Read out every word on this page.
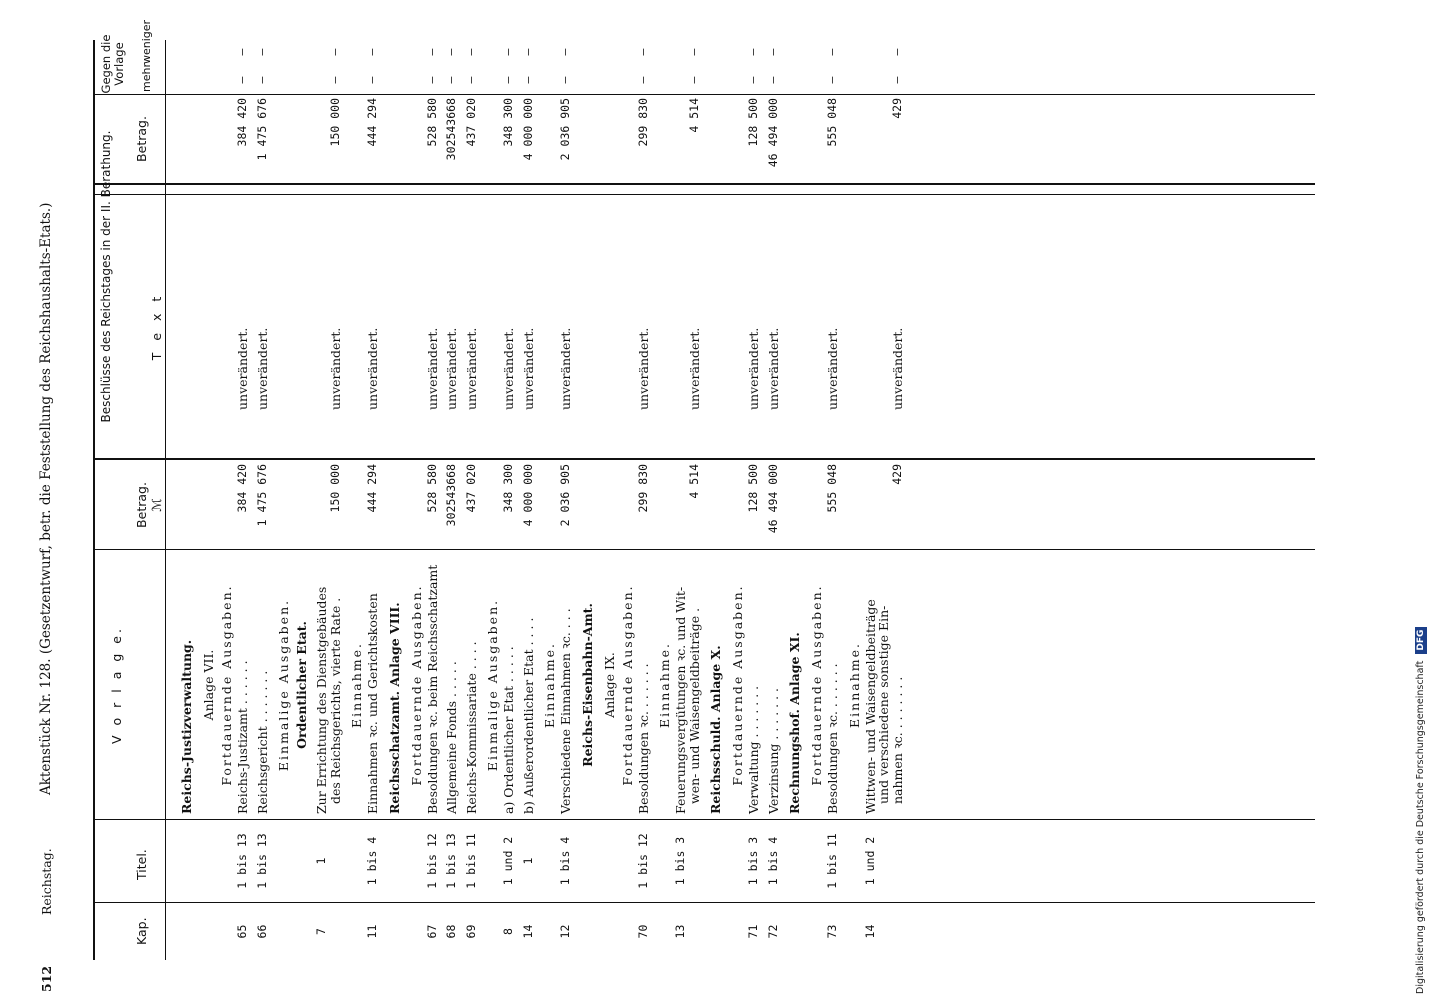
512
Reichstag.
Aktenstück Nr. 128. (Gesetzentwurf, betr. die Feststellung des Reichshaushalts-Etats.)
Kap.
Titel.
V o r l a g e.
Betrag. ℳ
Beschlüsse des Reichstages in der II. Berathung.	T e x t
Betrag.
Gegen die Vorlage mehr
weniger
Reichs-Justizverwaltung. Anlage VII. Fortdauernde Ausgaben.
65
1 bis 13
Reichs-Justizamt . . . . . .
384 420
unverändert.
384 420
—
—
66
1 bis 13
Reichsgericht . . . . . . .
1 475 676
unverändert.
1 475 676
—
—
Einmalige Ausgaben. Ordentlicher Etat.
7
1
Zur Errichtung des Dienstgebäudes
des Reichsgerichts, vierte Rate .
150 000
unverändert.
150 000
—
—
Einnahme.
11
1 bis 4
Einnahmen ꝛc. und Gerichtskosten
444 294
unverändert.
444 294
—
—
Reichsschatzamt. Anlage VIII. Fortdauernde Ausgaben.
67
1 bis 12
Besoldungen ꝛc. beim Reichsschatzamt
528 580
unverändert.
528 580
—
—
68
1 bis 13
Allgemeine Fonds . . . . .
302543668
unverändert.
302543668
—
—
69
1 bis 11
Reichs-Kommissariate . . . .
437 020
unverändert.
437 020
—
—
Einmalige Ausgaben.
8
1 und 2
a) Ordentlicher Etat . . . . .
348 300
unverändert.
348 300
—
—
14
1
b) Außerordentlicher Etat . . . .
4 000 000
unverändert.
4 000 000
—
—
Einnahme.
12
1 bis 4
Verschiedene Einnahmen ꝛc. . . .
2 036 905
unverändert.
2 036 905
—
—
Reichs-Eisenbahn-Amt. Anlage IX. Fortdauernde Ausgaben.
70
1 bis 12
Besoldungen ꝛc. . . . . . .
299 830
unverändert.
299 830
—
—
Einnahme.
13
1 bis 3
Feuerungsvergütungen ꝛc. und Wit-
wen- und Waisengeldbeiträge .
4 514
unverändert.
4 514
—
—
Reichsschuld. Anlage X. Fortdauernde Ausgaben.
71
1 bis 3
Verwaltung . . . . . . .
128 500
unverändert.
128 500
—
—
72
1 bis 4
Verzinsung . . . . . . .
46 494 000
unverändert.
46 494 000
—
—
Rechnungshof. Anlage XI. Fortdauernde Ausgaben.
73
1 bis 11
Besoldungen ꝛc. . . . . . .
555 048
unverändert.
555 048
—
—
Einnahme.
14
1 und 2
Wittwen- und Waisengeldbeiträge
und verschiedene sonstige Ein-
nahmen ꝛc. . . . . . . .
429
unverändert.
429
—
—
Digitalisierung gefördert durch die Deutsche Forschungsgemeinschaft DFG
